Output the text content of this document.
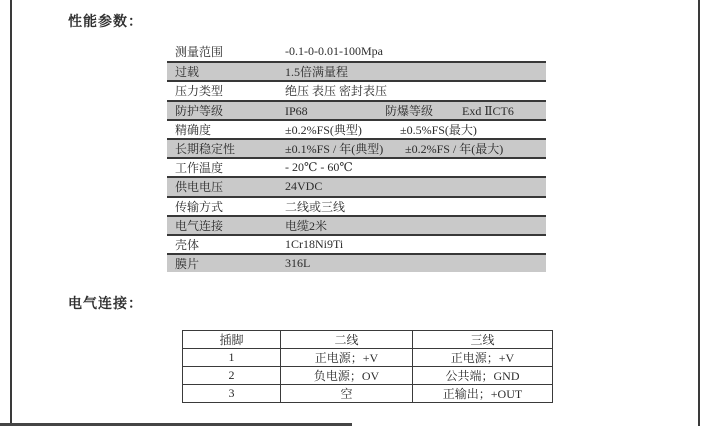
性能参数：
测量范围	-0.1-0-0.01-100Mpa
过载	1.5倍满量程
压力类型	绝压 表压 密封表压
防护等级	IP68	防爆等级 Exd ⅡCT6
精确度	±0.2%FS(典型)	±0.5%FS(最大)
长期稳定性	±0.1%FS / 年(典型) ±0.2%FS / 年(最大)
工作温度	- 20℃ - 60℃
供电电压	24VDC
传输方式	二线或三线
电气连接	电缆2米
壳体	1Cr18Ni9Ti
膜片	316L
电气连接：
插脚	二线	三线
1	正电源；+V	正电源；+V
2	负电源；OV	公共端；GND
3	空	正输出；+OUT
